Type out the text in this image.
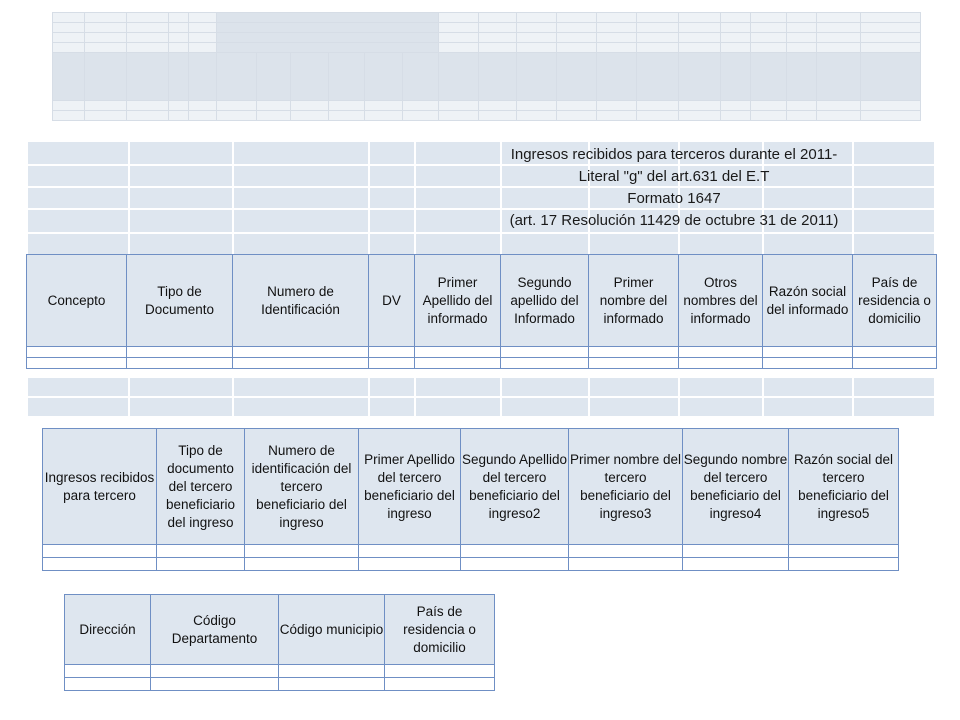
Ingresos recibidos para terceros durante el 2011-
Literal "g" del art.631 del E.T
Formato 1647
(art. 17 Resolución 11429 de octubre 31 de 2011)
Concepto	Tipo de Documento	Numero de Identificación	DV	Primer Apellido del informado	Segundo apellido del Informado	Primer nombre del informado	Otros nombres del informado	Razón social del informado	País de residencia o domicilio

Ingresos recibidos para tercero	Tipo de documento del tercero beneficiario del ingreso	Numero de identificación del tercero beneficiario del ingreso	Primer Apellido del tercero beneficiario del ingreso	Segundo Apellido del tercero beneficiario del ingreso2	Primer nombre del tercero beneficiario del ingreso3	Segundo nombre del tercero beneficiario del ingreso4	Razón social del tercero beneficiario del ingreso5

Dirección	Código Departamento	Código municipio	País de residencia o domicilio
